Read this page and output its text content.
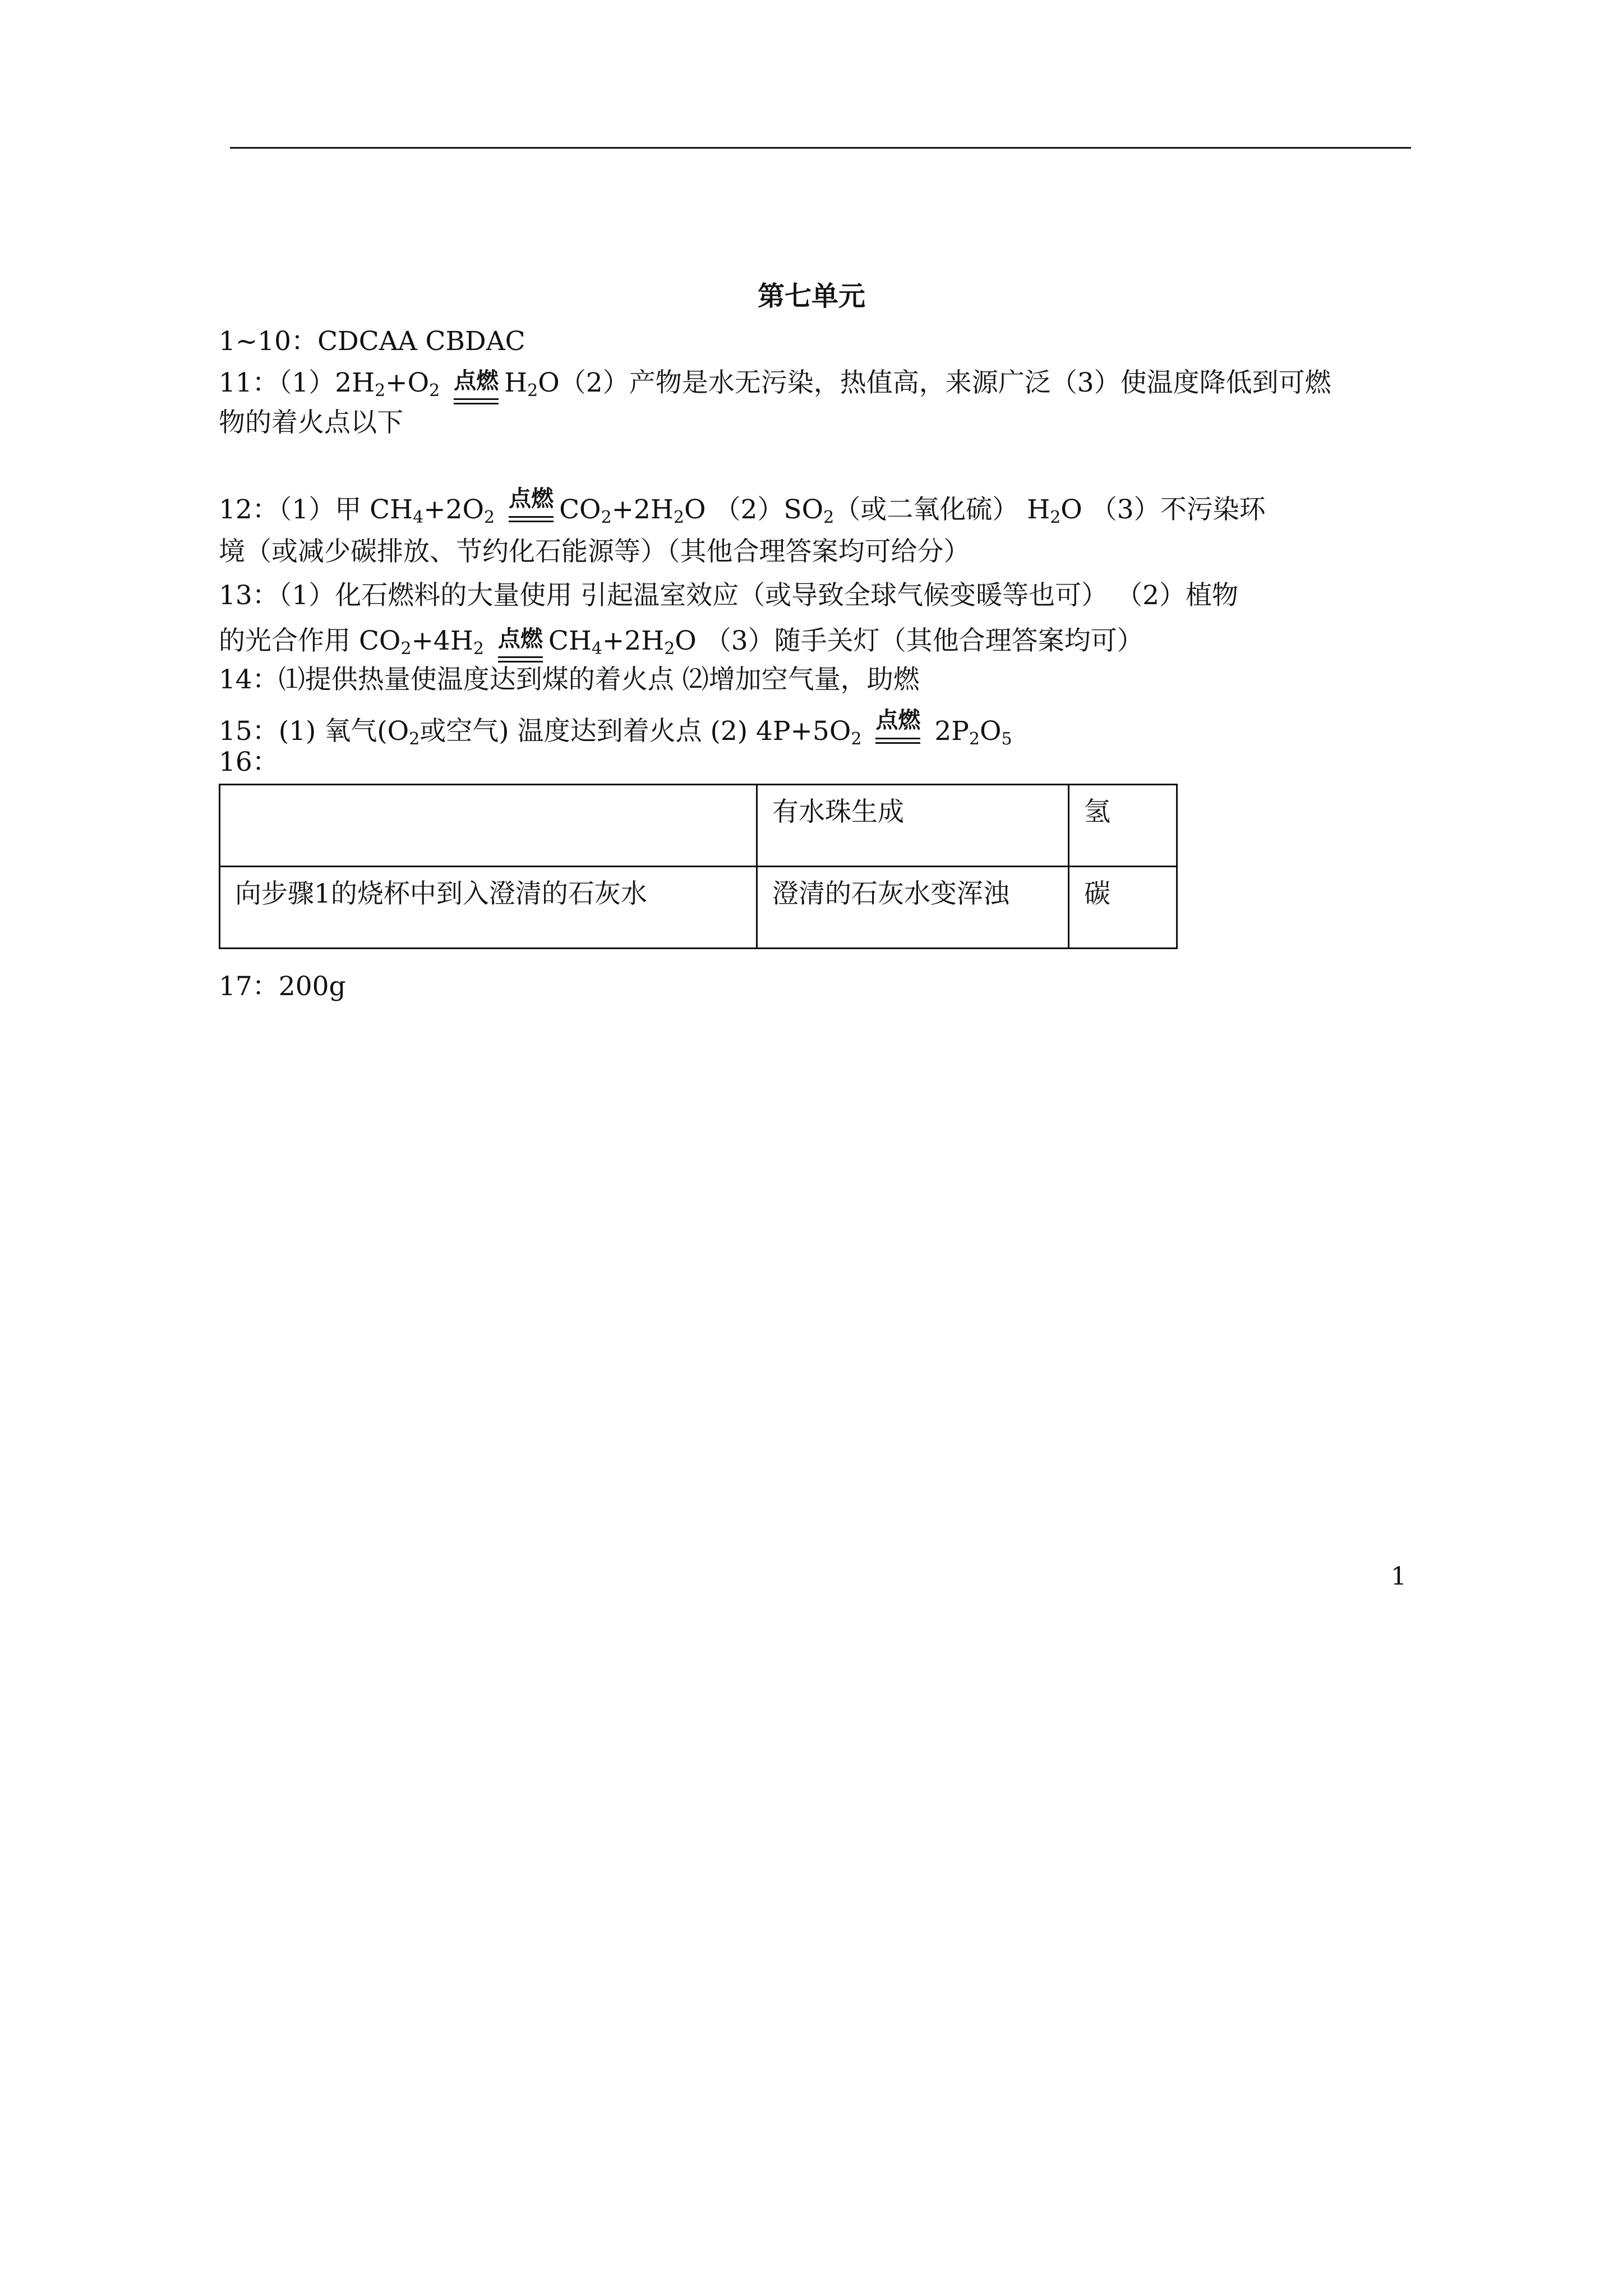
第七单元
1~10：CDCAA CBDAC
11：$(1)2H_2+O_2$ 点燃 $H_2O(2)$产物是水无污染，热值高，来源广泛（3）使温度降低到可燃
物的着火点以下
12：（1）甲 $CH_4+2O_2$ 点燃 $CO_2+2H_2O$ $(2)SO_2$（或二氧化硫） $H_2O$ （3）不污染环
境（或减少碳排放、节约化石能源等）（其他合理答案均可给分）
13：（1）化石燃料的大量使用 引起温室效应（或导致全球气候变暖等也可） （2）植物
的光合作用 $CO_2+4H_2$ 点燃 $CH_4+2H_2O$ （3）随手关灯（其他合理答案均可）
14：⑴提供热量使温度达到煤的着火点 ⑵增加空气量，助燃
15：(1) 氧气($O_2$或空气) 温度达到着火点 (2) $4P+5O_2$ 点燃
$2P_2O_5$
16：
	有水珠生成	氢
向步骤1的烧杯中到入澄清的石灰水	澄清的石灰水变浑浊	碳
17：200g
1
